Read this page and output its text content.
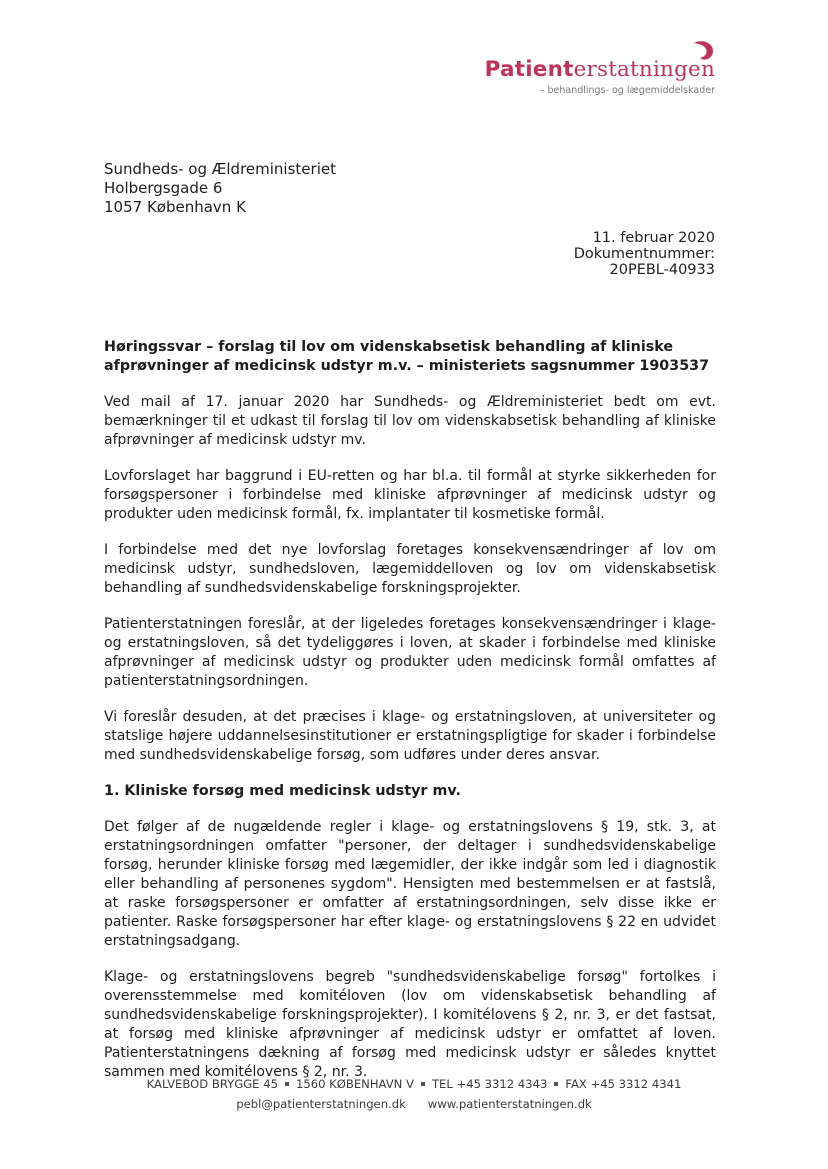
Patienterstatningen
– behandlings- og lægemiddelskader
Sundheds- og Ældreministeriet
Holbergsgade 6
1057 København K
11. februar 2020
Dokumentnummer:
20PEBL-40933

Høringssvar – forslag til lov om videnskabsetisk behandling af kliniske afprøvninger af medicinsk udstyr m.v. – ministeriets sagsnummer 1903537

Ved mail af 17. januar 2020 har Sundheds- og Ældreministeriet bedt om evt. bemærkninger til et udkast til forslag til lov om videnskabsetisk behandling af kliniske afprøvninger af medicinsk udstyr mv.

Lovforslaget har baggrund i EU-retten og har bl.a. til formål at styrke sikkerheden for forsøgspersoner i forbindelse med kliniske afprøvninger af medicinsk udstyr og produkter uden medicinsk formål, fx. implantater til kosmetiske formål.

I forbindelse med det nye lovforslag foretages konsekvensændringer af lov om medicinsk udstyr, sundhedsloven, lægemiddelloven og lov om videnskabsetisk behandling af sundhedsvidenskabelige forskningsprojekter.

Patienterstatningen foreslår, at der ligeledes foretages konsekvensændringer i klage- og erstatningsloven, så det tydeliggøres i loven, at skader i forbindelse med kliniske afprøvninger af medicinsk udstyr og produkter uden medicinsk formål omfattes af patienterstatningsordningen.

Vi foreslår desuden, at det præcises i klage- og erstatningsloven, at universiteter og statslige højere uddannelsesinstitutioner er erstatningspligtige for skader i forbindelse med sundhedsvidenskabelige forsøg, som udføres under deres ansvar.

1. Kliniske forsøg med medicinsk udstyr mv.

Det følger af de nugældende regler i klage- og erstatningslovens § 19, stk. 3, at erstatningsordningen omfatter "personer, der deltager i sundhedsvidenskabelige forsøg, herunder kliniske forsøg med lægemidler, der ikke indgår som led i diagnostik eller behandling af personenes sygdom". Hensigten med bestemmelsen er at fastslå, at raske forsøgspersoner er omfatter af erstatningsordningen, selv disse ikke er patienter. Raske forsøgspersoner har efter klage- og erstatningslovens § 22 en udvidet erstatningsadgang.

Klage- og erstatningslovens begreb "sundhedsvidenskabelige forsøg" fortolkes i overensstemmelse med komitéloven (lov om videnskabsetisk behandling af sundhedsvidenskabelige forskningsprojekter). I komitélovens § 2, nr. 3, er det fastsat, at forsøg med kliniske afprøvninger af medicinsk udstyr er omfattet af loven. Patienterstatningens dækning af forsøg med medicinsk udstyr er således knyttet sammen med komitélovens § 2, nr. 3.

KALVEBOD BRYGGE 45 1560 KØBENHAVN V TEL +45 3312 4343 FAX +45 3312 4341
pebl@patienterstatningen.dk www.patienterstatningen.dk
